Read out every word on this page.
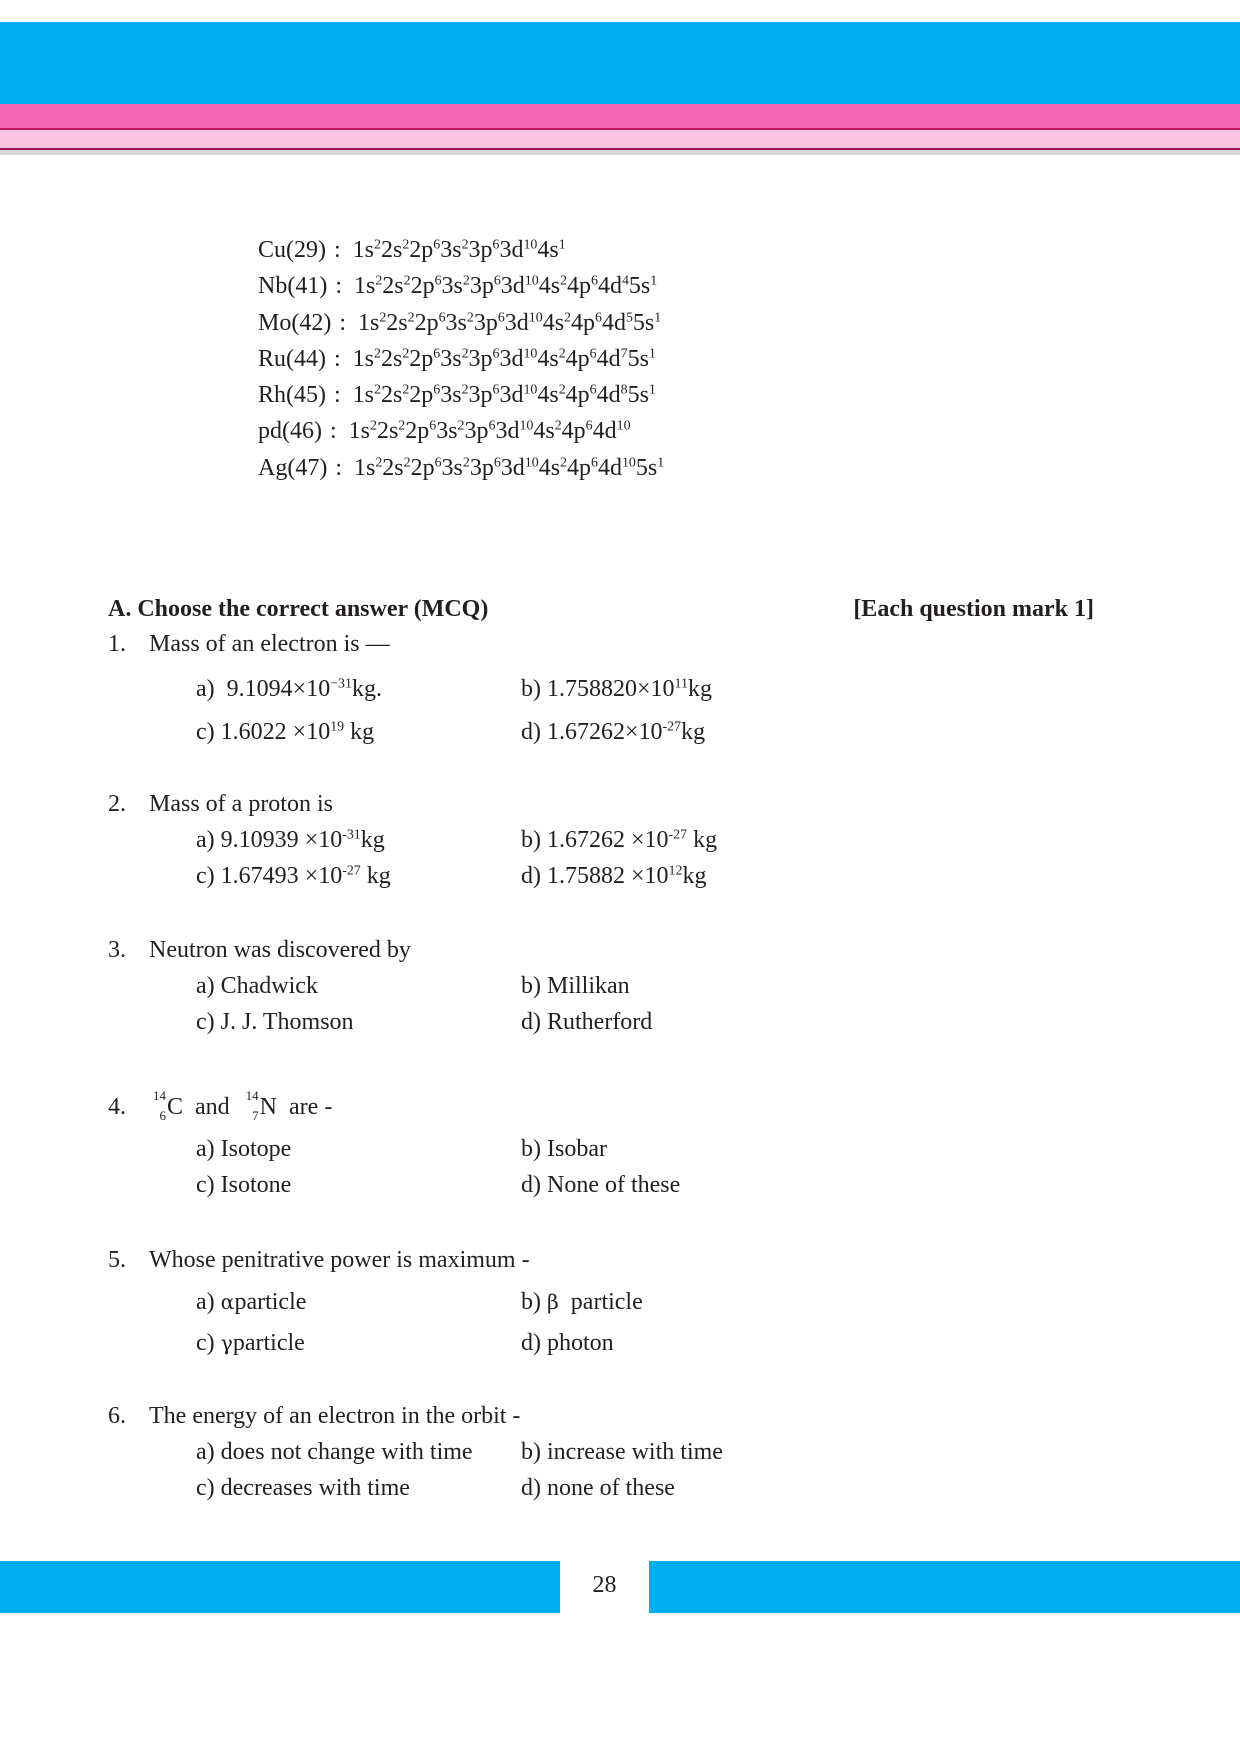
Cu(29) : $1s^22s^22p^63s^23p^63d^{10}4s^1$
Nb(41) : $1s^22s^22p^63s^23p^63d^{10}4s^24p^64d^45s^1$
Mo(42) : $1s^22s^22p^63s^23p^63d^{10}4s^24p^64d^55s^1$
Ru(44) : $1s^22s^22p^63s^23p^63d^{10}4s^24p^64d^75s^1$
Rh(45) : $1s^22s^22p^63s^23p^63d^{10}4s^24p^64d^85s^1$
pd(46) : $1s^22s^22p^63s^23p^63d^{10}4s^24p^64d^{10}$
Ag(47) : $1s^22s^22p^63s^23p^63d^{10}4s^24p^64d^{10}5s^1$
A. Choose the correct answer (MCQ)	[Each question mark 1]
1. Mass of an electron is —
a) $9.1094\times 10^{-31}kg$.	b) $1.758820\times 10^{11}kg$
c) $1.6022 \times 10^{19}$ kg	d) $1.67262\times 10^{-27}kg$
2. Mass of a proton is
a) $9.10939 \times 10^{-31}kg$	b) $1.67262 \times 10^{-27}$ kg
c) $1.67493 \times 10^{-27}$ kg	d) $1.75882 \times 10^{12}kg$
3. Neutron was discovered by
a) Chadwick	b) Millikan
c) J. J. Thomson	d) Rutherford
4. 14
6 C and 14
7 N are -
a) Isotope	b) Isobar
c) Isotone	d) None of these
5. Whose penitrative power is maximum -
a) αparticle	b) β particle
c) γparticle	d) photon
6. The energy of an electron in the orbit -
a) does not change with time b) increase with time
c) decreases with time	d) none of these
28
